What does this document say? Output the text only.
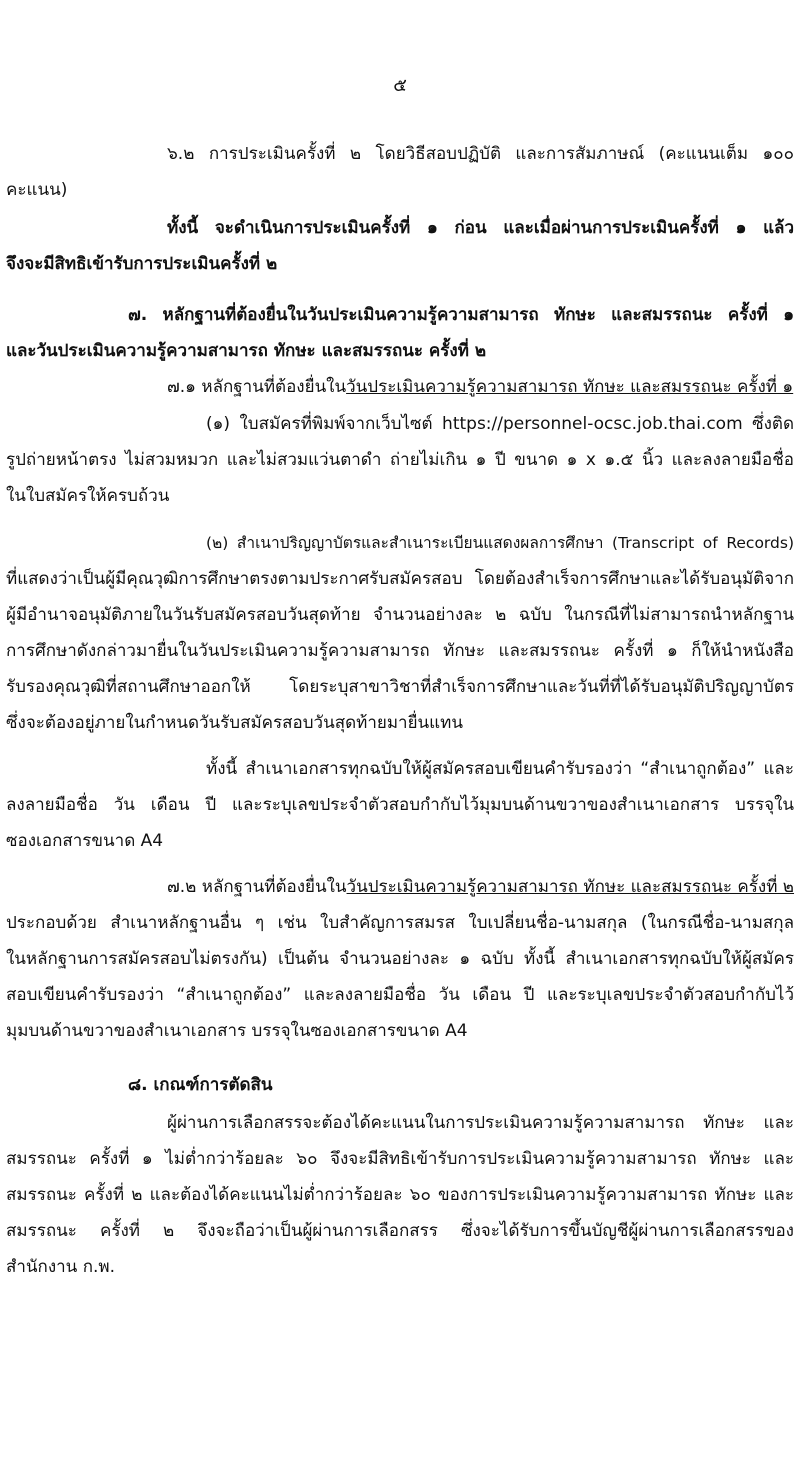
๕
๖.๒ การประเมินครั้งที่ ๒ โดยวิธีสอบปฏิบัติ และการสัมภาษณ์ (คะแนนเต็ม ๑๐๐
คะแนน)
ทั้งนี้ จะดำเนินการประเมินครั้งที่ ๑ ก่อน และเมื่อผ่านการประเมินครั้งที่ ๑ แล้ว
จึงจะมีสิทธิเข้ารับการประเมินครั้งที่ ๒
๗. หลักฐานที่ต้องยื่นในวันประเมินความรู้ความสามารถ ทักษะ และสมรรถนะ ครั้งที่ ๑
และวันประเมินความรู้ความสามารถ ทักษะ และสมรรถนะ ครั้งที่ ๒
๗.๑ หลักฐานที่ต้องยื่นในวันประเมินความรู้ความสามารถ ทักษะ และสมรรถนะ ครั้งที่ ๑
(๑) ใบสมัครที่พิมพ์จากเว็บไซต์ https://personnel-ocsc.job.thai.com ซึ่งติด
รูปถ่ายหน้าตรง ไม่สวมหมวก และไม่สวมแว่นตาดำ ถ่ายไม่เกิน ๑ ปี ขนาด ๑ x ๑.๕ นิ้ว และลงลายมือชื่อ
ในใบสมัครให้ครบถ้วน
(๒) สำเนาปริญญาบัตรและสำเนาระเบียนแสดงผลการศึกษา (Transcript of Records)
ที่แสดงว่าเป็นผู้มีคุณวุฒิการศึกษาตรงตามประกาศรับสมัครสอบ โดยต้องสำเร็จการศึกษาและได้รับอนุมัติจาก
ผู้มีอำนาจอนุมัติภายในวันรับสมัครสอบวันสุดท้าย จำนวนอย่างละ ๒ ฉบับ ในกรณีที่ไม่สามารถนำหลักฐาน
การศึกษาดังกล่าวมายื่นในวันประเมินความรู้ความสามารถ ทักษะ และสมรรถนะ ครั้งที่ ๑ ก็ให้นำหนังสือ
รับรองคุณวุฒิที่สถานศึกษาออกให้ โดยระบุสาขาวิชาที่สำเร็จการศึกษาและวันที่ที่ได้รับอนุมัติปริญญาบัตร
ซึ่งจะต้องอยู่ภายในกำหนดวันรับสมัครสอบวันสุดท้ายมายื่นแทน
ทั้งนี้ สำเนาเอกสารทุกฉบับให้ผู้สมัครสอบเขียนคำรับรองว่า “สำเนาถูกต้อง” และ
ลงลายมือชื่อ วัน เดือน ปี และระบุเลขประจำตัวสอบกำกับไว้มุมบนด้านขวาของสำเนาเอกสาร บรรจุใน
ซองเอกสารขนาด A4
๗.๒ หลักฐานที่ต้องยื่นในวันประเมินความรู้ความสามารถ ทักษะ และสมรรถนะ ครั้งที่ ๒
ประกอบด้วย สำเนาหลักฐานอื่น ๆ เช่น ใบสำคัญการสมรส ใบเปลี่ยนชื่อ-นามสกุล (ในกรณีชื่อ-นามสกุล
ในหลักฐานการสมัครสอบไม่ตรงกัน) เป็นต้น จำนวนอย่างละ ๑ ฉบับ ทั้งนี้ สำเนาเอกสารทุกฉบับให้ผู้สมัคร
สอบเขียนคำรับรองว่า “สำเนาถูกต้อง” และลงลายมือชื่อ วัน เดือน ปี และระบุเลขประจำตัวสอบกำกับไว้
มุมบนด้านขวาของสำเนาเอกสาร บรรจุในซองเอกสารขนาด A4
๘. เกณฑ์การตัดสิน
ผู้ผ่านการเลือกสรรจะต้องได้คะแนนในการประเมินความรู้ความสามารถ ทักษะ และ
สมรรถนะ ครั้งที่ ๑ ไม่ต่ำกว่าร้อยละ ๖๐ จึงจะมีสิทธิเข้ารับการประเมินความรู้ความสามารถ ทักษะ และ
สมรรถนะ ครั้งที่ ๒ และต้องได้คะแนนไม่ต่ำกว่าร้อยละ ๖๐ ของการประเมินความรู้ความสามารถ ทักษะ และ
สมรรถนะ ครั้งที่ ๒ จึงจะถือว่าเป็นผู้ผ่านการเลือกสรร ซึ่งจะได้รับการขึ้นบัญชีผู้ผ่านการเลือกสรรของ
สำนักงาน ก.พ.
